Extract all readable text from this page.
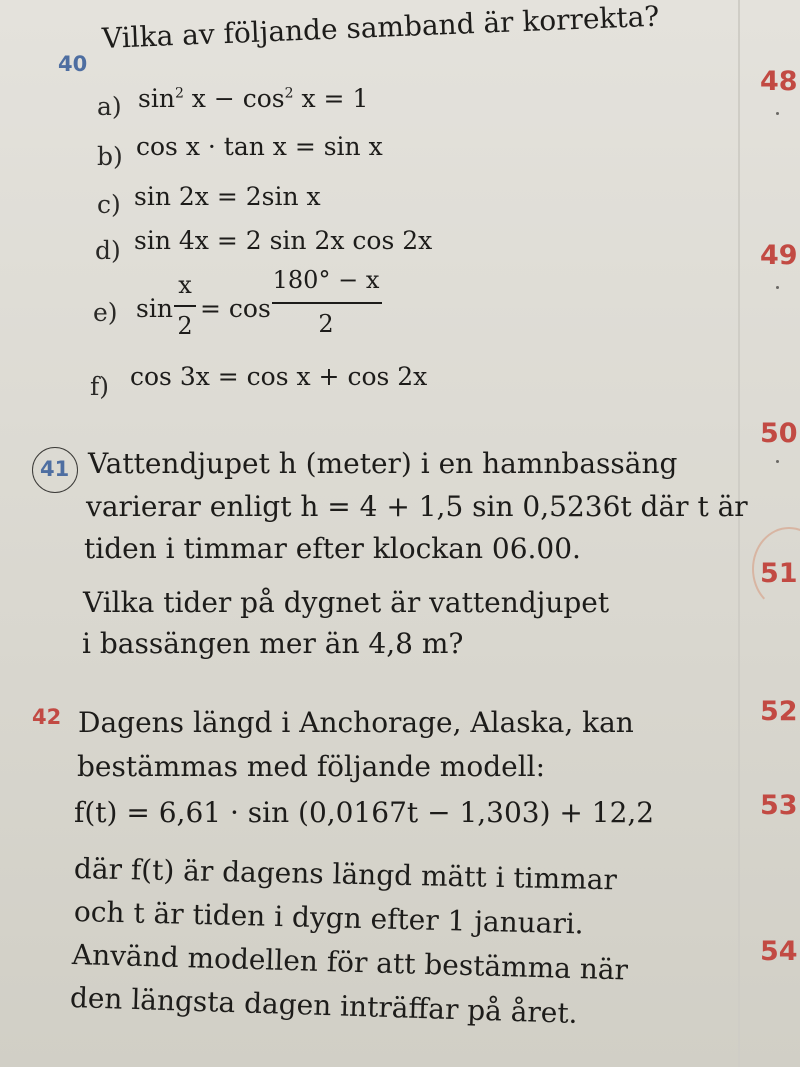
48
49
50
51
52
53
54
40
Vilka av följande samband är korrekta?
a) $\sin^2 x - \cos^2 x = 1$
b) cos x · tan x = sin x
c) sin 2x = 2sin x
d) sin 4x = 2 sin 2x cos 2x
e) sin
x
2
= cos
180° − x
2
f) cos 3x = cos x + cos 2x
41 Vattendjupet h (meter) i en hamnbassäng
varierar enligt h = 4 + 1,5 sin 0,5236t där t är
tiden i timmar efter klockan 06.00.
Vilka tider på dygnet är vattendjupet
i bassängen mer än 4,8 m?
42 Dagens längd i Anchorage, Alaska, kan
bestämmas med följande modell:
f(t) = 6,61 · sin (0,0167t − 1,303) + 12,2
där f(t) är dagens längd mätt i timmar
och t är tiden i dygn efter 1 januari.
Använd modellen för att bestämma när
den längsta dagen inträffar på året.
